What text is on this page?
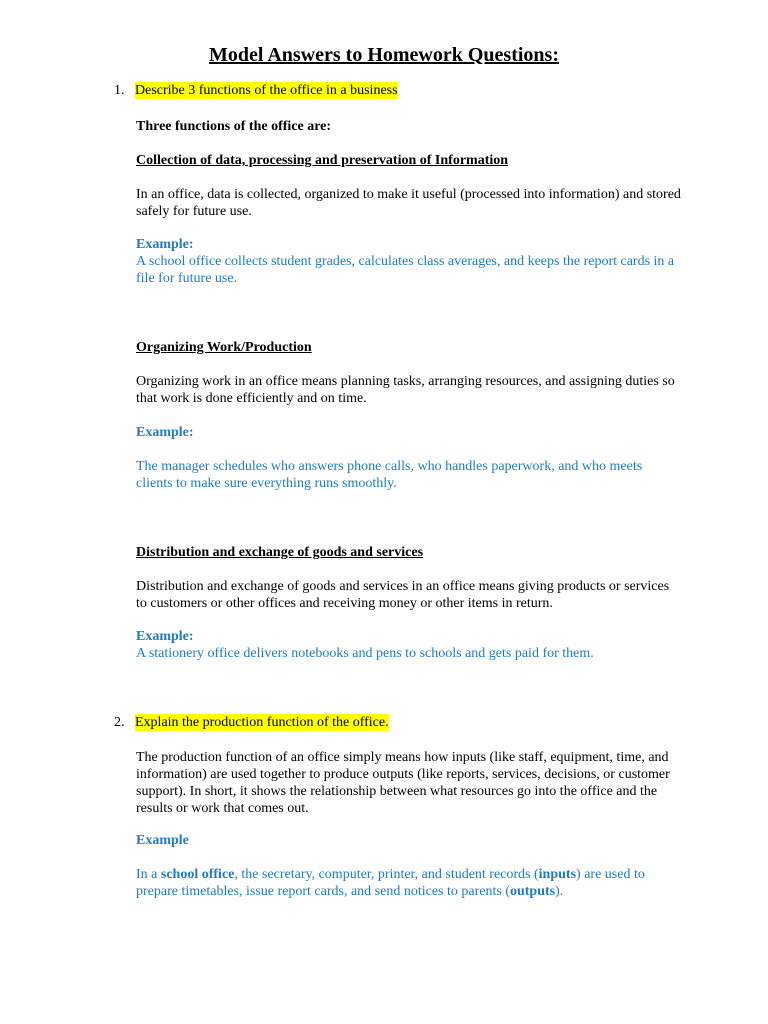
Model Answers to Homework Questions:
1. Describe 3 functions of the office in a business
Three functions of the office are:
Collection of data, processing and preservation of Information
In an office, data is collected, organized to make it useful (processed into information) and stored safely for future use.
Example:
A school office collects student grades, calculates class averages, and keeps the report cards in a file for future use.
Organizing Work/Production
Organizing work in an office means planning tasks, arranging resources, and assigning duties so that work is done efficiently and on time.
Example:
The manager schedules who answers phone calls, who handles paperwork, and who meets clients to make sure everything runs smoothly.
Distribution and exchange of goods and services
Distribution and exchange of goods and services in an office means giving products or services to customers or other offices and receiving money or other items in return.
Example:
A stationery office delivers notebooks and pens to schools and gets paid for them.
2. Explain the production function of the office.
The production function of an office simply means how inputs (like staff, equipment, time, and information) are used together to produce outputs (like reports, services, decisions, or customer support). In short, it shows the relationship between what resources go into the office and the results or work that comes out.
Example
In a school office, the secretary, computer, printer, and student records (inputs) are used to prepare timetables, issue report cards, and send notices to parents (outputs).
